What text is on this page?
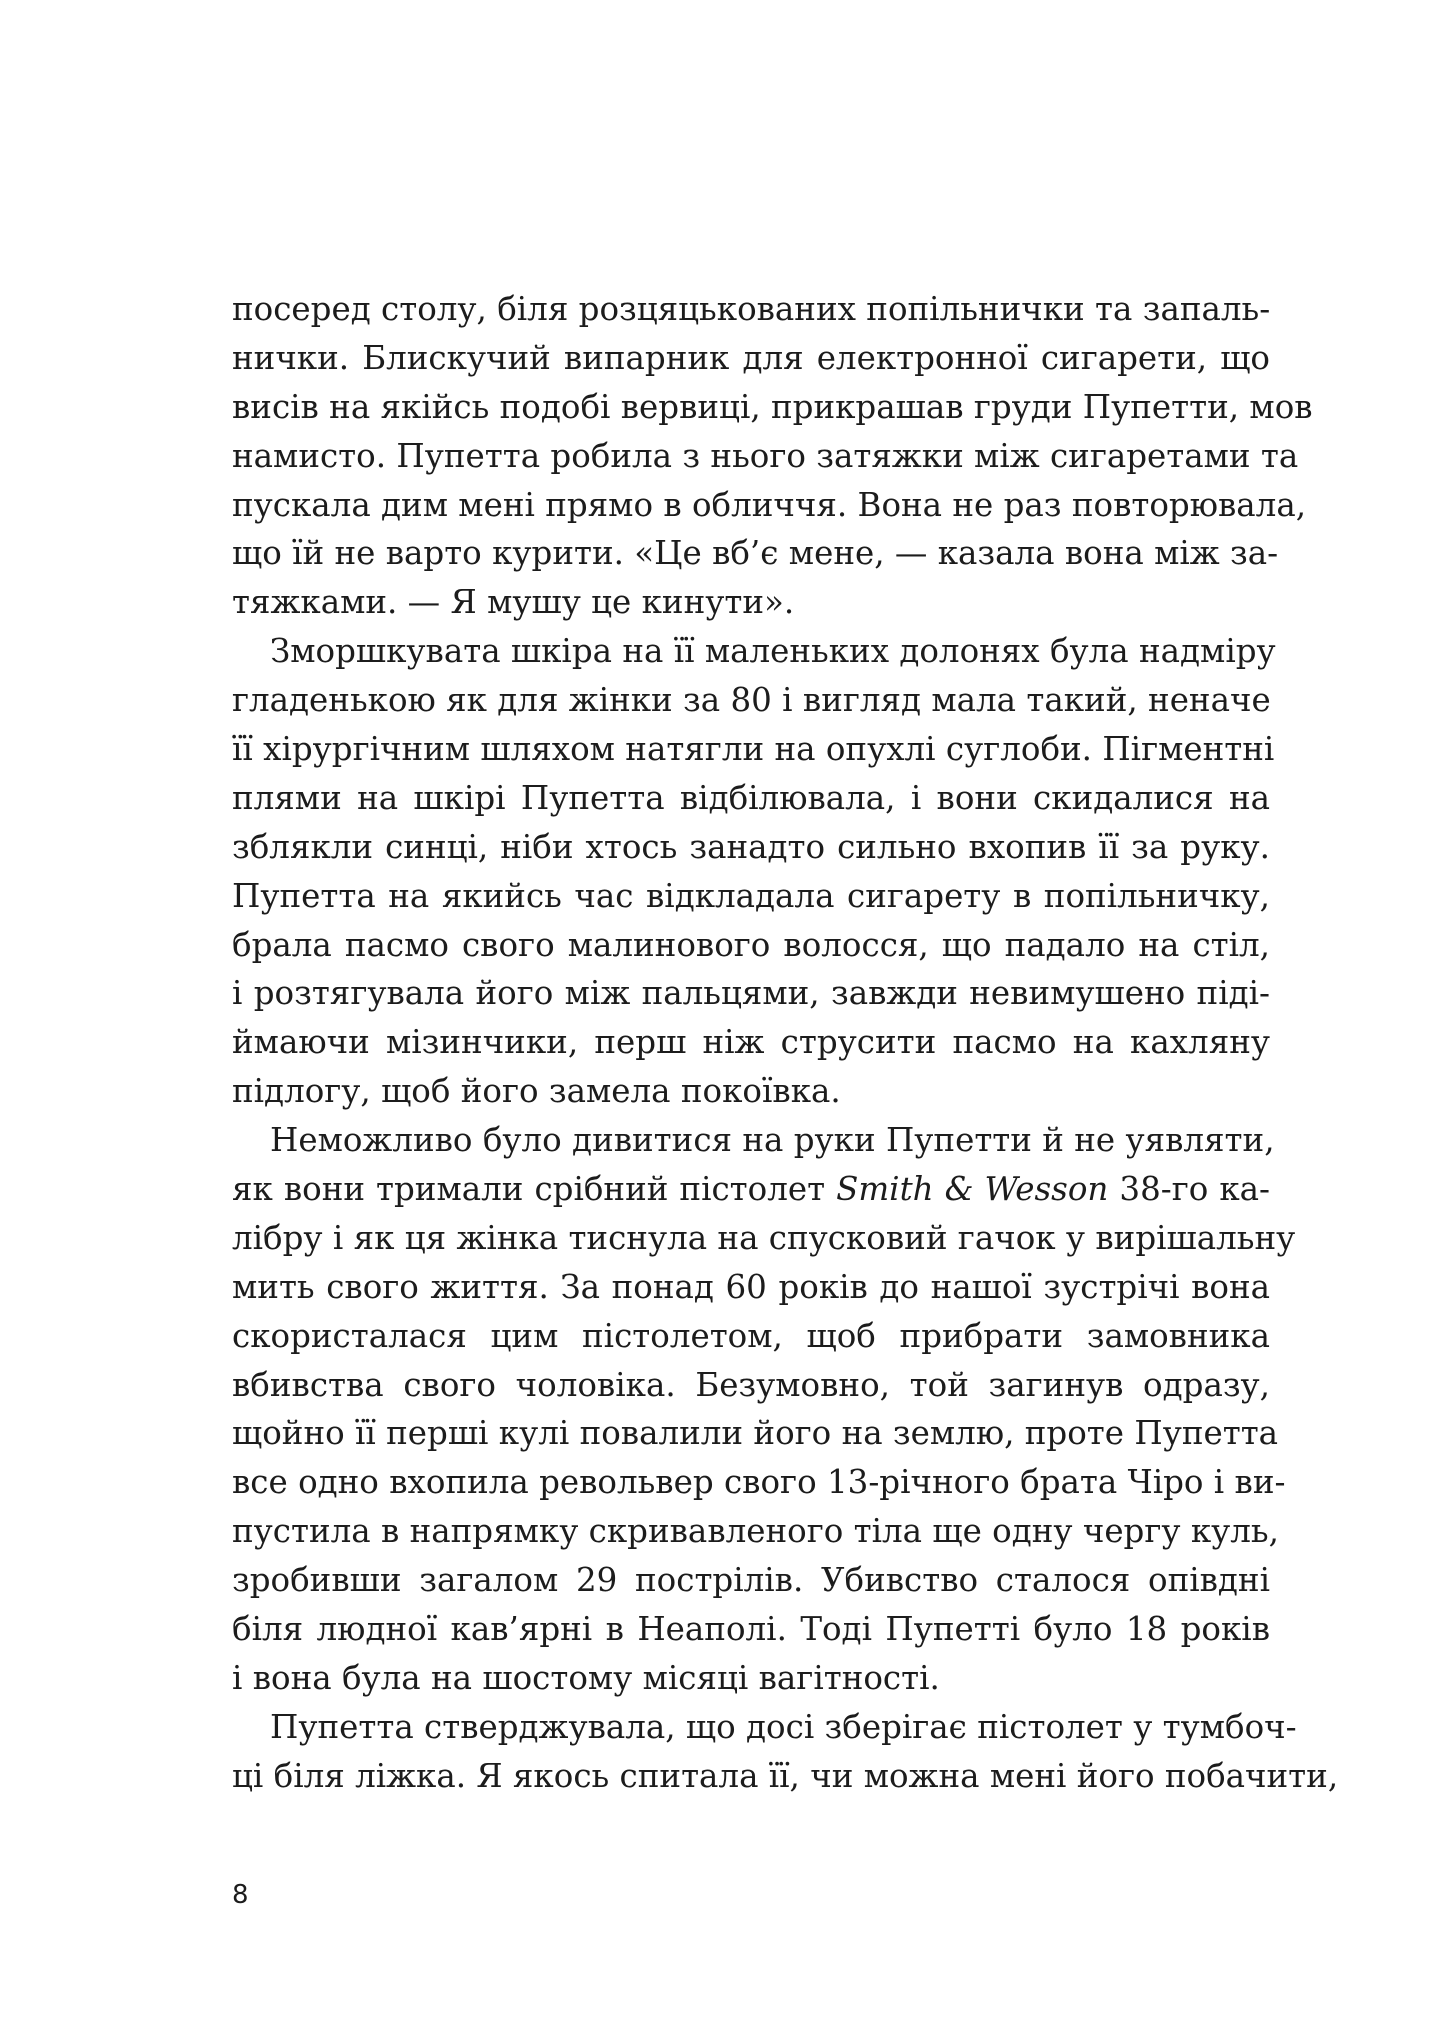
посеред столу, біля розцяцькованих попільнички та запаль-
нички. Блискучий випарник для електронної сигарети, що
висів на якійсь подобі вервиці, прикрашав груди Пупетти, мов
намисто. Пупетта робила з нього затяжки між сигаретами та
пускала дим мені прямо в обличчя. Вона не раз повторювала,
що їй не варто курити. «Це вб’є мене, — казала вона між за-
тяжками. — Я мушу це кинути».
Зморшкувата шкіра на її маленьких долонях була надміру
гладенькою як для жінки за 80 і вигляд мала такий, неначе
її хірургічним шляхом натягли на опухлі суглоби. Пігментні
плями на шкірі Пупетта відбілювала, і вони скидалися на
зблякли синці, ніби хтось занадто сильно вхопив її за руку.
Пупетта на якийсь час відкладала сигарету в попільничку,
брала пасмо свого малинового волосся, що падало на стіл,
і розтягувала його між пальцями, завжди невимушено піді-
ймаючи мізинчики, перш ніж струсити пасмо на кахляну
підлогу, щоб його замела покоївка.
Неможливо було дивитися на руки Пупетти й не уявляти,
як вони тримали срібний пістолет Smith & Wesson 38-го ка-
лібру і як ця жінка тиснула на спусковий гачок у вирішальну
мить свого життя. За понад 60 років до нашої зустрічі вона
скористалася цим пістолетом, щоб прибрати замовника
вбивства свого чоловіка. Безумовно, той загинув одразу,
щойно її перші кулі повалили його на землю, проте Пупетта
все одно вхопила револьвер свого 13-річного брата Чіро і ви-
пустила в напрямку скривавленого тіла ще одну чергу куль,
зробивши загалом 29 пострілів. Убивство сталося опівдні
біля людної кав’ярні в Неаполі. Тоді Пупетті було 18 років
і вона була на шостому місяці вагітності.
Пупетта стверджувала, що досі зберігає пістолет у тумбоч-
ці біля ліжка. Я якось спитала її, чи можна мені його побачити,
8
